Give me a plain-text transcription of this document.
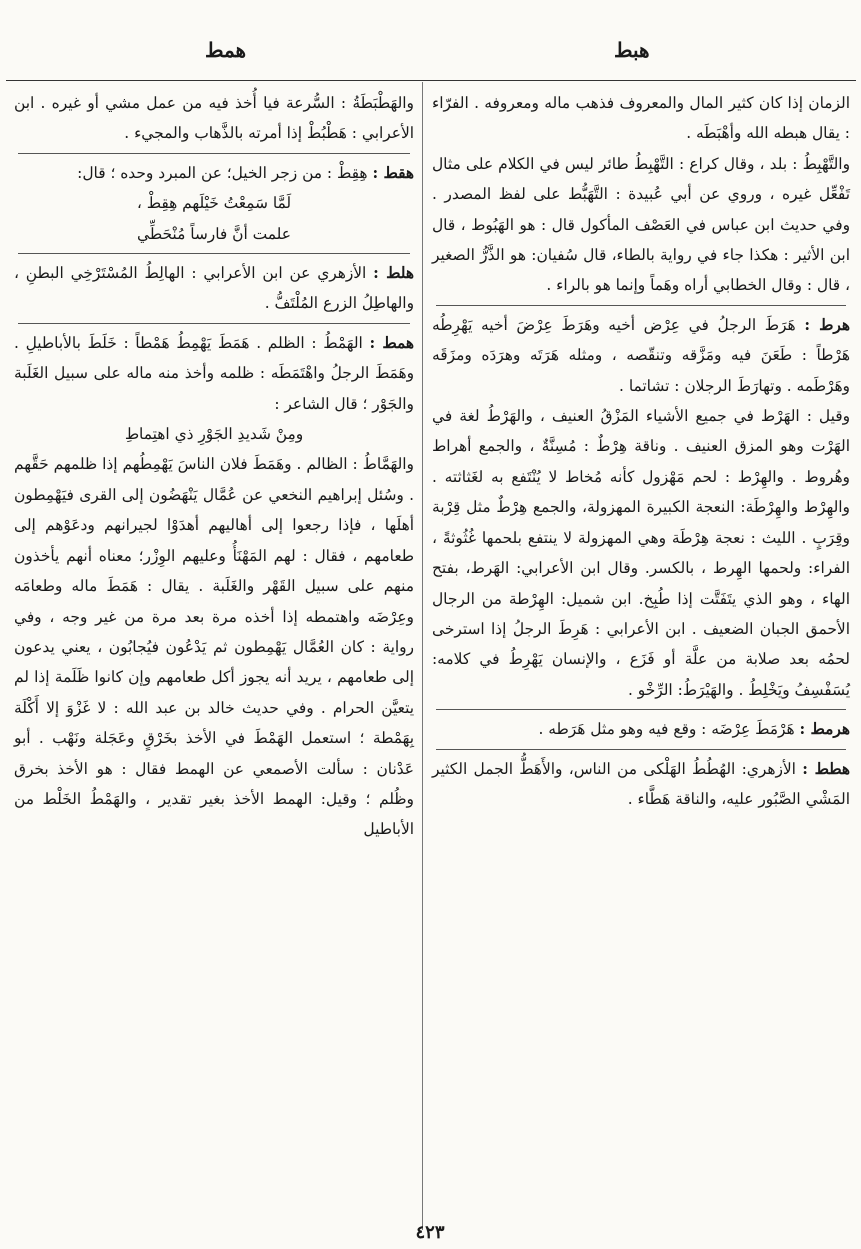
همط	هبط

والهَطْبَطَةُ : السُّرعة فيا أُخذ فيه من عمل مشي أو غيره . ابن الأعرابي : هَطْبُطْ إذا أمرته بالذَّهاب والمجيء .

هقط : هِقِطْ : من زجر الخيل؛ عن المبرد وحده ؛ قال:

لَمَّا سَمِعْتُ خَيْلَهم هِقِطْ ،

علمت أنَّ فارساً مُنْحَطِّي

هلط : الأزهري عن ابن الأعرابي : الهالِطُ المُسْتَرْخِي البطنِ ، والهاطِلُ الزرع المُلْتَفُّ .

همط : الهَمْطُ : الظلم . هَمَطَ يَهْمِطُ هَمْطاً : خَلَطَ بالأباطيلِ . وهَمَطَ الرجلُ واهْتَمَطَه : ظلمه وأخذ منه ماله على سبيل الغَلَبة والجَوْر ؛ قال الشاعر :

ومِنْ شَديدِ الجَوْرِ ذي اهتِماطِ

والهَمَّاطُ : الظالم . وهَمَطَ فلان الناسَ يَهْمِطُهم إذا ظلمهم حَقَّهم . وسُئل إبراهيم النخعي عن عُمَّال يَنْهَضُون إلى القرى فيَهْمِطون أهلَها ، فإذا رجعوا إلى أهاليهم أهدَوْا لجيرانهم ودعَوْهم إلى طعامهم ، فقال : لهم المَهْنَأُ وعليهم الوِزْر؛ معناه أنهم يأخذون منهم على سبيل القَهْر والغَلَبة . يقال : هَمَطَ ماله وطعامَه وعِرْضَه واهتمطه إذا أخذه مرة بعد مرة من غير وجه ، وفي رواية : كان العُمَّال يَهْمِطون ثم يَدْعُون فيُجابُون ، يعني يدعون إلى طعامهم ، يريد أنه يجوز أكل طعامهم وإن كانوا ظَلَمة إذا لم يتعيَّن الحرام . وفي حديث خالد بن عبد الله : لا غَزْوَ إلا أَكْلَة بِهَمْطة ؛ استعمل الهَمْطَ في الأخذ بخَرْقٍ وعَجَلة ونَهْب . أبو عَدْنان : سألت الأصمعي عن الهمط فقال : هو الأخذ بخرق وظُلم ؛ وقيل: الهمط الأخذ بغير تقدير ، والهَمْطُ الخَلْط من الأباطيل

الزمان إذا كان كثير المال والمعروف فذهب ماله ومعروفه . الفرّاء : يقال هبطه الله وأهْبَطَه .

والتَّهْبِطُ : بلد ، وقال كراع : التَّهْبِطُ طائر ليس في الكلام على مثال تَفْعِّل غيره ، وروي عن أبي عُبيدة : التَّهَبُّط على لفظ المصدر . وفي حديث ابن عباس في العَصْف المأكول قال : هو الهَبُوط ، قال ابن الأثير : هكذا جاء في رواية بالطاء، قال سُفيان: هو الذَّرُّ الصغير ، قال : وقال الخطابي أراه وهَماً وإنما هو بالراء .

هرط : هَرَطَ الرجلُ في عِرْض أخيه وهَرَطَ عِرْضَ أخيه يَهْرِطُه هَرْطاً : طَعَنَ فيه ومَزَّقه وتنقّصه ، ومثله هَرَتَه وهرَدَه ومزَقَه وهَرْطَمه . وتهارَطَ الرجلان : تشاتما .

وقيل : الهَرْط في جميع الأشياء المَزْقُ العنيف ، والهَرْطُ لغة في الهَرْت وهو المزق العنيف . وناقة هِرْطٌ : مُسِنَّةٌ ، والجمع أهراط وهُروط . والهِرْط : لحم مَهْزول كأنه مُخاط لا يُنْتَفع به لغَثاثته . والهِرْط والهِرْطَة: النعجة الكبيرة المهزولة، والجمع هِرْطٌ مثل قِرْبة وقِرَبٍ . الليث : نعجة هِرْطَة وهي المهزولة لا ينتفع بلحمها غُثُوثةً ، الفراء: ولحمها الهِرط ، بالكسر. وقال ابن الأعرابي: الهَرط، بفتح الهاء ، وهو الذي يتَفَتَّت إذا طُبِخ. ابن شميل: الهِرْطة من الرجال الأحمق الجبان الضعيف . ابن الأعرابي : هَرِطَ الرجلُ إذا استرخى لحمُه بعد صلابة من علَّة أو فَزَع ، والإنسان يَهْرِطُ في كلامه: يُسَفْسِفُ ويَخْلِطُ . والهَيْرَطُ: الرِّخْو .

هرمط : هَرْمَطَ عِرْضَه : وقع فيه وهو مثل هَرَطه .

هطط : الأزهري: الهُطُطُ الهَلْكى من الناس، والأَهَطُّ الجمل الكثير المَشْي الصَّبُور عليه، والناقة هَطَّاء .

٤٢٣
